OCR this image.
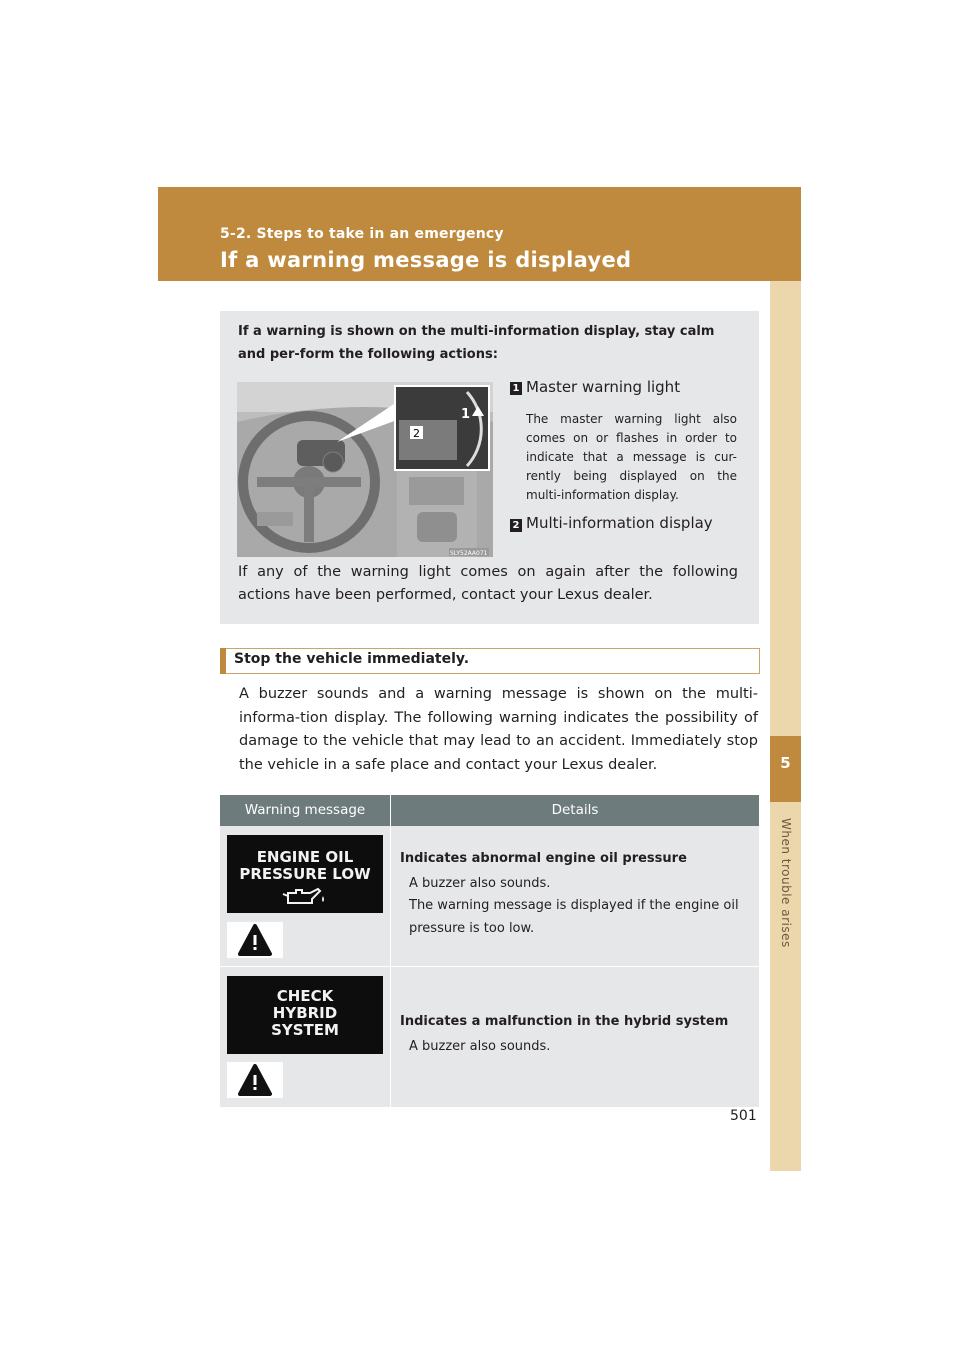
5-2. Steps to take in an emergency
If a warning message is displayed
5
When trouble arises
If a warning is shown on the multi-information display, stay calm and per-form the following actions:
2
1
SLY52AA071
1 Master warning light
The master warning light also comes on or flashes in order to indicate that a message is cur-rently being displayed on the multi-information display.
2 Multi-information display
If any of the warning light comes on again after the following actions have been performed, contact your Lexus dealer.
Stop the vehicle immediately.
A buzzer sounds and a warning message is shown on the multi-informa-tion display. The following warning indicates the possibility of damage to the vehicle that may lead to an accident. Immediately stop the vehicle in a safe place and contact your Lexus dealer.
Warning message	Details
ENGINE OIL
PRESSURE LOW
Indicates abnormal engine oil pressure
A buzzer also sounds.
The warning message is displayed if the engine oil pressure is too low.
CHECK
HYBRID
SYSTEM	Indicates a malfunction in the hybrid system
A buzzer also sounds.
501
